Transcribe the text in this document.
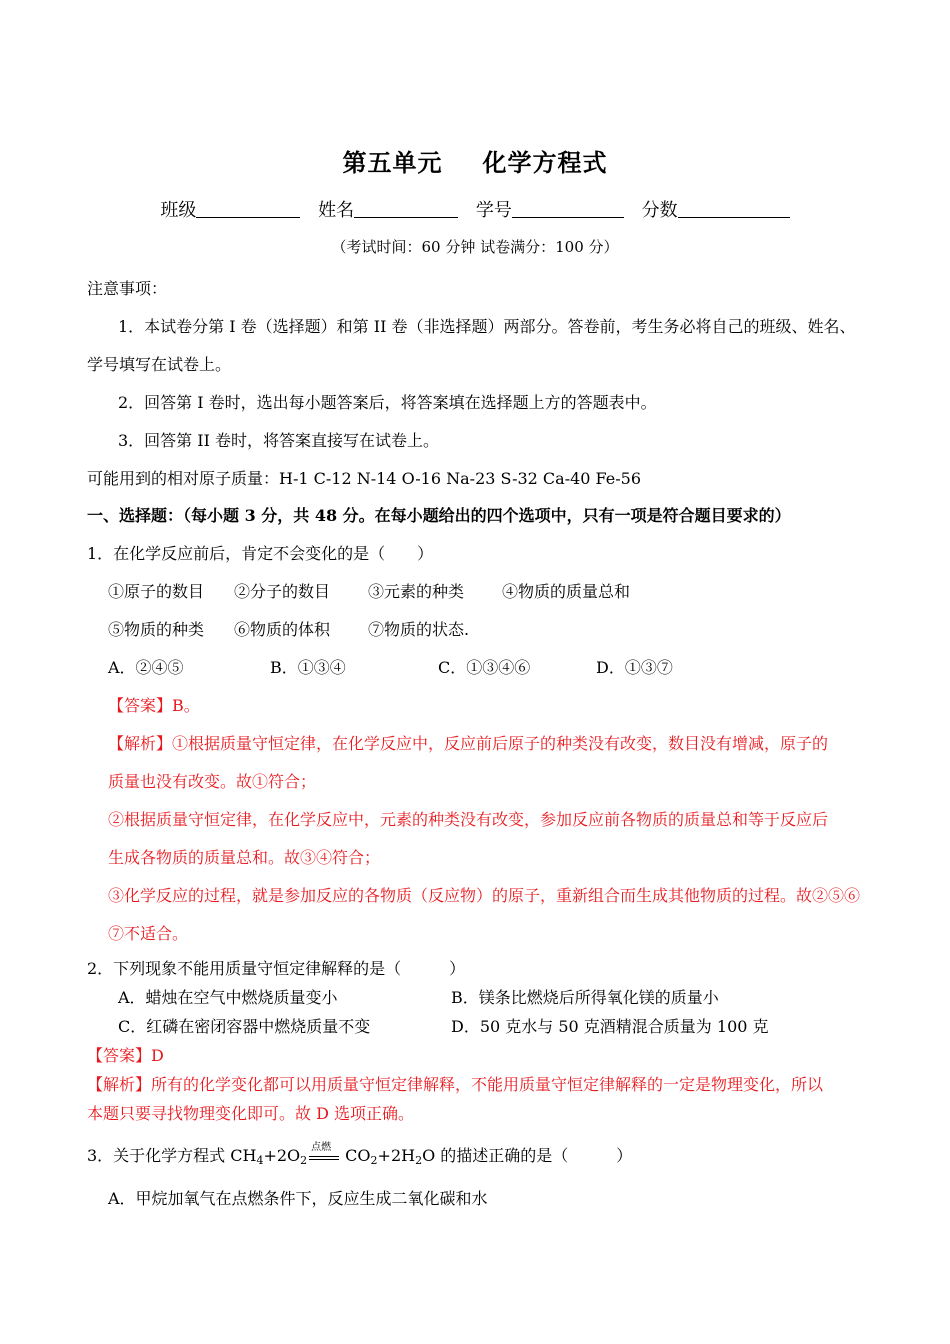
第五单元 化学方程式
班级	姓名	学号	分数
（考试时间：60 分钟 试卷满分：100 分）
注意事项：
1．本试卷分第 I 卷（选择题）和第 II 卷（非选择题）两部分。答卷前，考生务必将自己的班级、姓名、
学号填写在试卷上。
2．回答第 I 卷时，选出每小题答案后，将答案填在选择题上方的答题表中。
3．回答第 II 卷时，将答案直接写在试卷上。
可能用到的相对原子质量：H-1 C-12 N-14 O-16 Na-23 S-32 Ca-40 Fe-56
一、选择题：（每小题 3 分，共 48 分。在每小题给出的四个选项中，只有一项是符合题目要求的）
1．在化学反应前后，肯定不会变化的是（　　）
①原子的数目 ②分子的数目 ③元素的种类 ④物质的质量总和
⑤物质的种类 ⑥物质的体积 ⑦物质的状态.
A．②④⑤	B．①③④	C．①③④⑥	D．①③⑦
【答案】B。
【解析】①根据质量守恒定律，在化学反应中，反应前后原子的种类没有改变，数目没有增减，原子的
质量也没有改变。故①符合；
②根据质量守恒定律，在化学反应中，元素的种类没有改变，参加反应前各物质的质量总和等于反应后
生成各物质的质量总和。故③④符合；
③化学反应的过程，就是参加反应的各物质（反应物）的原子，重新组合而生成其他物质的过程。故②⑤⑥
⑦不适合。
2．下列现象不能用质量守恒定律解释的是（　　　）
A．蜡烛在空气中燃烧质量变小	B．镁条比燃烧后所得氧化镁的质量小
C．红磷在密闭容器中燃烧质量不变	D．50 克水与 50 克酒精混合质量为 100 克
【答案】D
【解析】所有的化学变化都可以用质量守恒定律解释，不能用质量守恒定律解释的一定是物理变化，所以
本题只要寻找物理变化即可。故 D 选项正确。
3．关于化学方程式 $CH_4+2O_2$
点燃 $CO_2+2H_2O$ 的描述正确的是（　　　）
A．甲烷加氧气在点燃条件下，反应生成二氧化碳和水
